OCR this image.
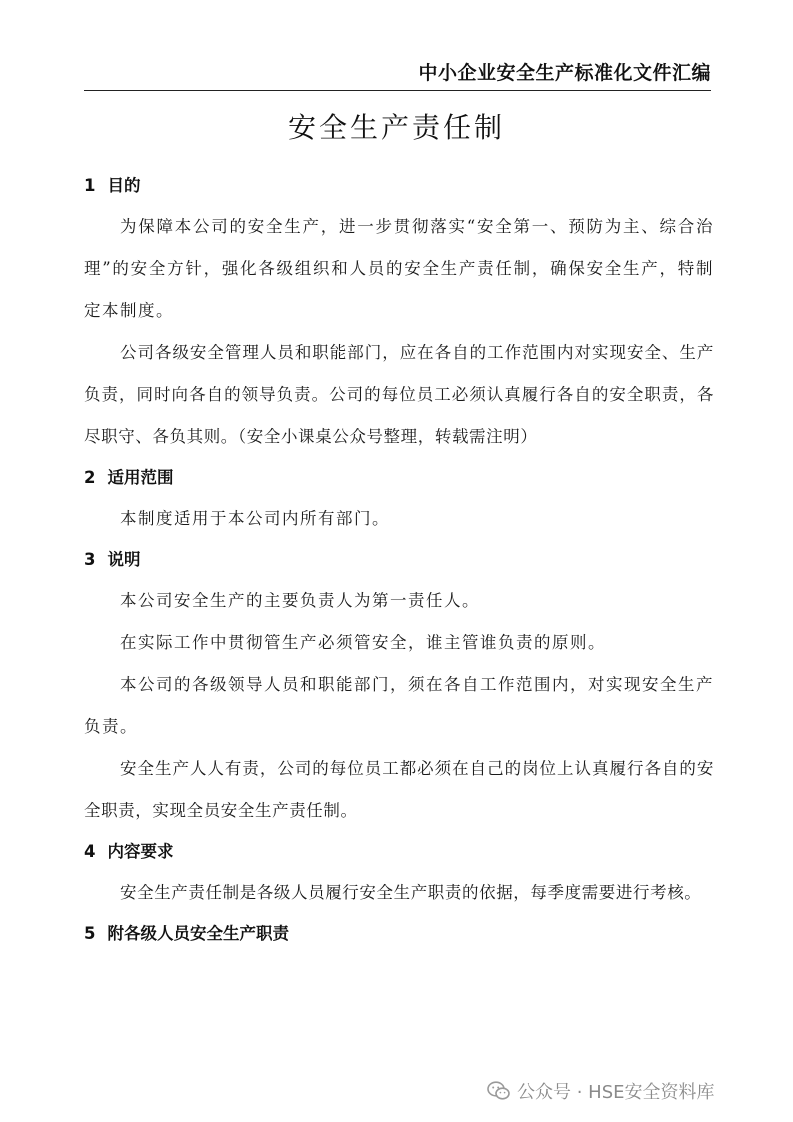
中小企业安全生产标准化文件汇编
安全生产责任制
1 目的

为保障本公司的安全生产，进一步贯彻落实“安全第一、预防为主、综合治理”的安全方针，强化各级组织和人员的安全生产责任制，确保安全生产，特制定本制度。

公司各级安全管理人员和职能部门，应在各自的工作范围内对实现安全、生产负责，同时向各自的领导负责。公司的每位员工必须认真履行各自的安全职责，各尽职守、各负其则。（安全小课桌公众号整理，转载需注明）

2 适用范围

本制度适用于本公司内所有部门。

3 说明

本公司安全生产的主要负责人为第一责任人。

在实际工作中贯彻管生产必须管安全，谁主管谁负责的原则。

本公司的各级领导人员和职能部门，须在各自工作范围内，对实现安全生产负责。

安全生产人人有责，公司的每位员工都必须在自己的岗位上认真履行各自的安全职责，实现全员安全生产责任制。

4 内容要求

安全生产责任制是各级人员履行安全生产职责的依据，每季度需要进行考核。

5 附各级人员安全生产职责
公众号 · HSE安全资料库
